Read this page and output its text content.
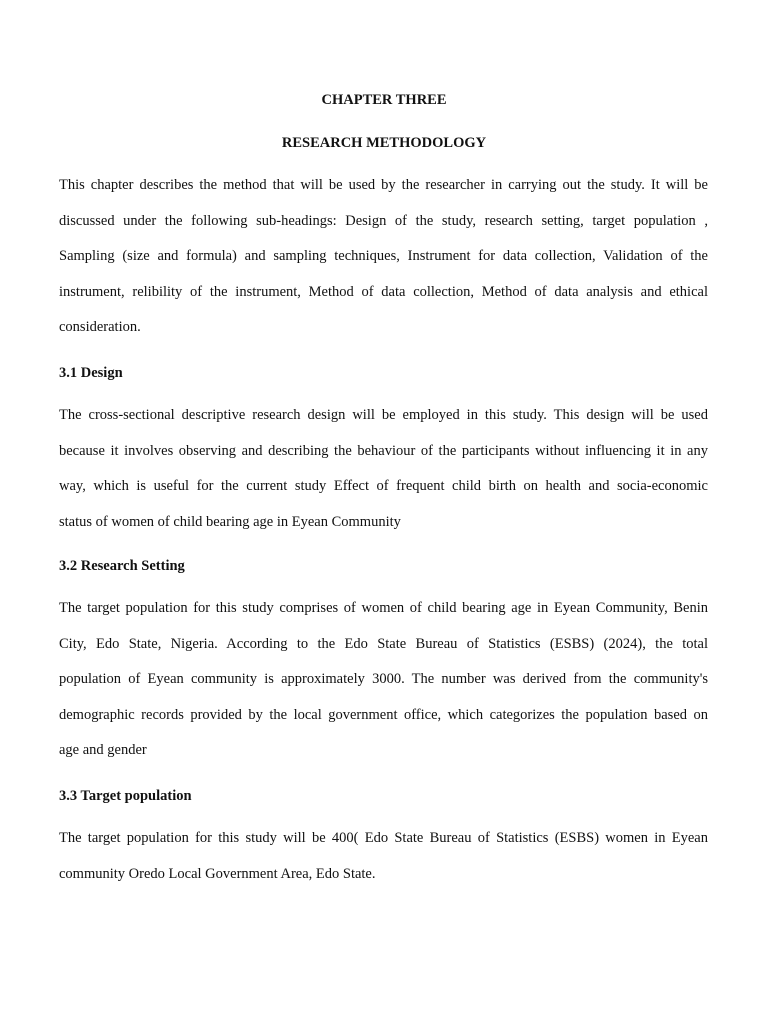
CHAPTER THREE
RESEARCH METHODOLOGY

This chapter describes the method that will be used by the researcher in carrying out the study. It will be
discussed under the following sub-headings: Design of the study, research setting, target population ,
Sampling (size and formula) and sampling techniques, Instrument for data collection, Validation of the
instrument, relibility of the instrument, Method of data collection, Method of data analysis and ethical
consideration.

3.1 Design

The cross-sectional descriptive research design will be employed in this study. This design will be used
because it involves observing and describing the behaviour of the participants without influencing it in any
way, which is useful for the current study Effect of frequent child birth on health and socia-economic
status of women of child bearing age in Eyean Community

3.2 Research Setting

The target population for this study comprises of women of child bearing age in Eyean Community, Benin
City, Edo State, Nigeria. According to the Edo State Bureau of Statistics (ESBS) (2024), the total
population of Eyean community is approximately 3000. The number was derived from the community's
demographic records provided by the local government office, which categorizes the population based on
age and gender

3.3 Target population

The target population for this study will be 400( Edo State Bureau of Statistics (ESBS) women in Eyean
community Oredo Local Government Area, Edo State.
